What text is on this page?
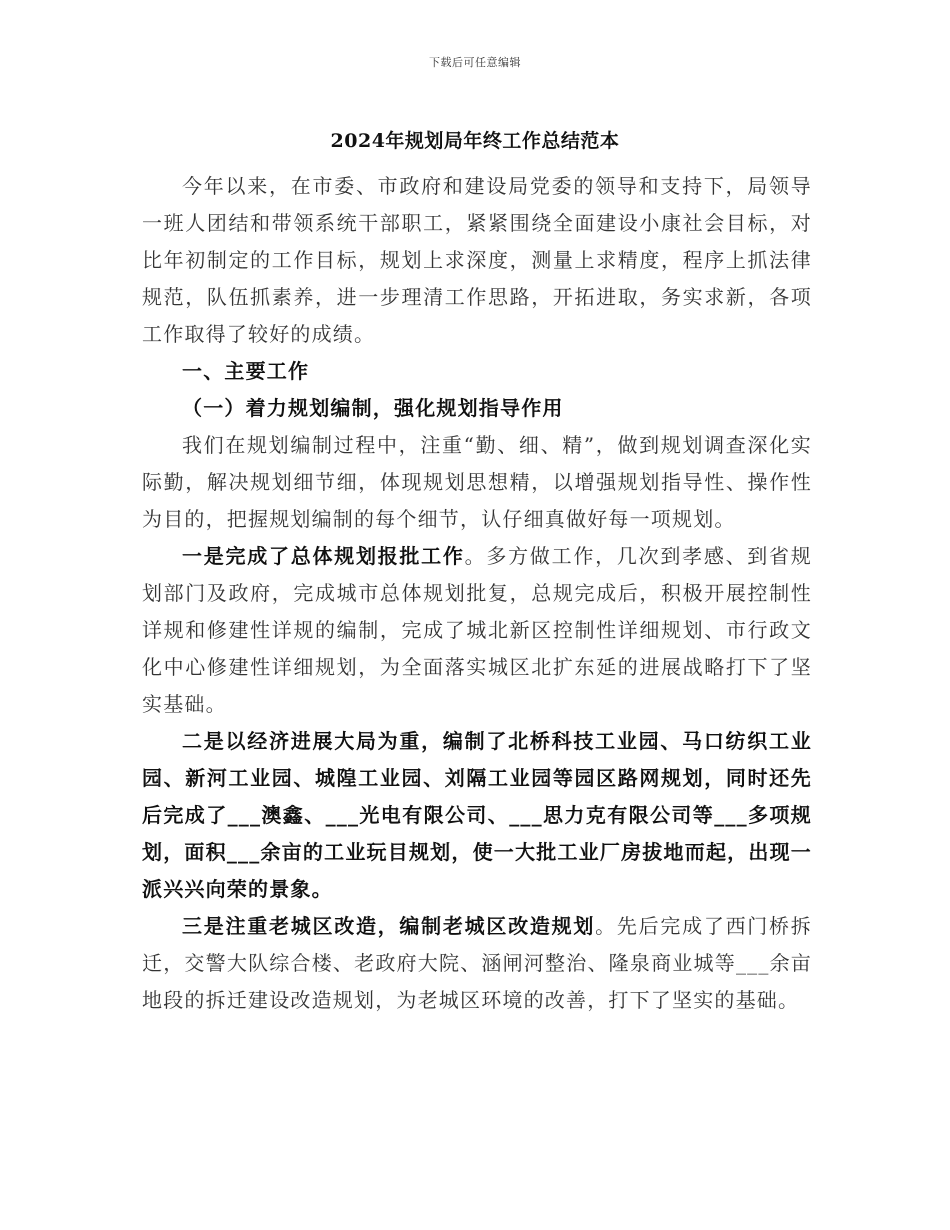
下载后可任意编辑
2024年规划局年终工作总结范本

今年以来，在市委、市政府和建设局党委的领导和支持下，局领导一班人团结和带领系统干部职工，紧紧围绕全面建设小康社会目标，对比年初制定的工作目标，规划上求深度，测量上求精度，程序上抓法律规范，队伍抓素养，进一步理清工作思路，开拓进取，务实求新，各项工作取得了较好的成绩。

一、主要工作

（一）着力规划编制，强化规划指导作用

我们在规划编制过程中，注重“勤、细、精”，做到规划调查深化实际勤，解决规划细节细，体现规划思想精，以增强规划指导性、操作性为目的，把握规划编制的每个细节，认仔细真做好每一项规划。

一是完成了总体规划报批工作。多方做工作，几次到孝感、到省规划部门及政府，完成城市总体规划批复，总规完成后，积极开展控制性详规和修建性详规的编制，完成了城北新区控制性详细规划、市行政文化中心修建性详细规划，为全面落实城区北扩东延的进展战略打下了坚实基础。

二是以经济进展大局为重，编制了北桥科技工业园、马口纺织工业园、新河工业园、城隍工业园、刘隔工业园等园区路网规划，同时还先后完成了___澳鑫、___光电有限公司、___思力克有限公司等___多项规划，面积___余亩的工业玩目规划，使一大批工业厂房拔地而起，出现一派兴兴向荣的景象。

三是注重老城区改造，编制老城区改造规划。先后完成了西门桥拆迁，交警大队综合楼、老政府大院、涵闸河整治、隆泉商业城等___余亩地段的拆迁建设改造规划，为老城区环境的改善，打下了坚实的基础。
